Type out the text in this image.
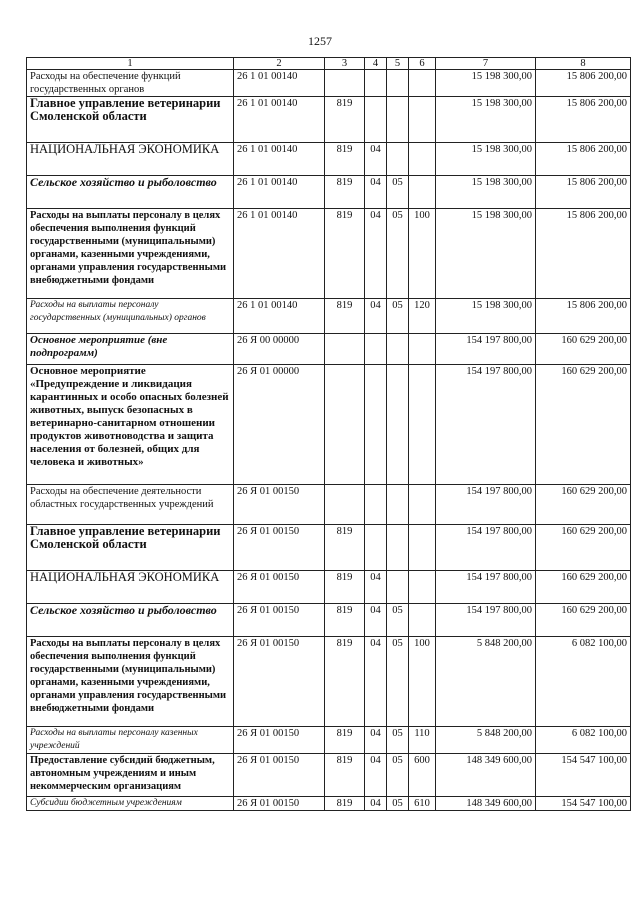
1257
1	2	3	4	5	6	7	8
Расходы на обеспечение функций государственных органов	26 1 01 00140					15 198 300,00	15 806 200,00
Главное управление ветеринарии Смоленской области	26 1 01 00140	819				15 198 300,00	15 806 200,00
НАЦИОНАЛЬНАЯ ЭКОНОМИКА	26 1 01 00140	819	04			15 198 300,00	15 806 200,00
Сельское хозяйство и рыболовство	26 1 01 00140	819	04	05		15 198 300,00	15 806 200,00
Расходы на выплаты персоналу в целях обеспечения выполнения функций государственными (муниципальными) органами, казенными учреждениями, органами управления государственными внебюджетными фондами	26 1 01 00140	819	04	05	100	15 198 300,00	15 806 200,00
Расходы на выплаты персоналу государственных (муниципальных) органов	26 1 01 00140	819	04	05	120	15 198 300,00	15 806 200,00
Основное мероприятие (вне подпрограмм)	26 Я 00 00000					154 197 800,00	160 629 200,00
Основное мероприятие «Предупреждение и ликвидация карантинных и особо опасных болезней животных, выпуск безопасных в ветеринарно-санитарном отношении продуктов животноводства и защита населения от болезней, общих для человека и животных»	26 Я 01 00000					154 197 800,00	160 629 200,00
Расходы на обеспечение деятельности областных государственных учреждений	26 Я 01 00150					154 197 800,00	160 629 200,00
Главное управление ветеринарии Смоленской области	26 Я 01 00150	819				154 197 800,00	160 629 200,00
НАЦИОНАЛЬНАЯ ЭКОНОМИКА	26 Я 01 00150	819	04			154 197 800,00	160 629 200,00
Сельское хозяйство и рыболовство	26 Я 01 00150	819	04	05		154 197 800,00	160 629 200,00
Расходы на выплаты персоналу в целях обеспечения выполнения функций государственными (муниципальными) органами, казенными учреждениями, органами управления государственными внебюджетными фондами	26 Я 01 00150	819	04	05	100	5 848 200,00	6 082 100,00
Расходы на выплаты персоналу казенных учреждений	26 Я 01 00150	819	04	05	110	5 848 200,00	6 082 100,00
Предоставление субсидий бюджетным, автономным учреждениям и иным некоммерческим организациям	26 Я 01 00150	819	04	05	600	148 349 600,00	154 547 100,00
Субсидии бюджетным учреждениям	26 Я 01 00150	819	04	05	610	148 349 600,00	154 547 100,00
